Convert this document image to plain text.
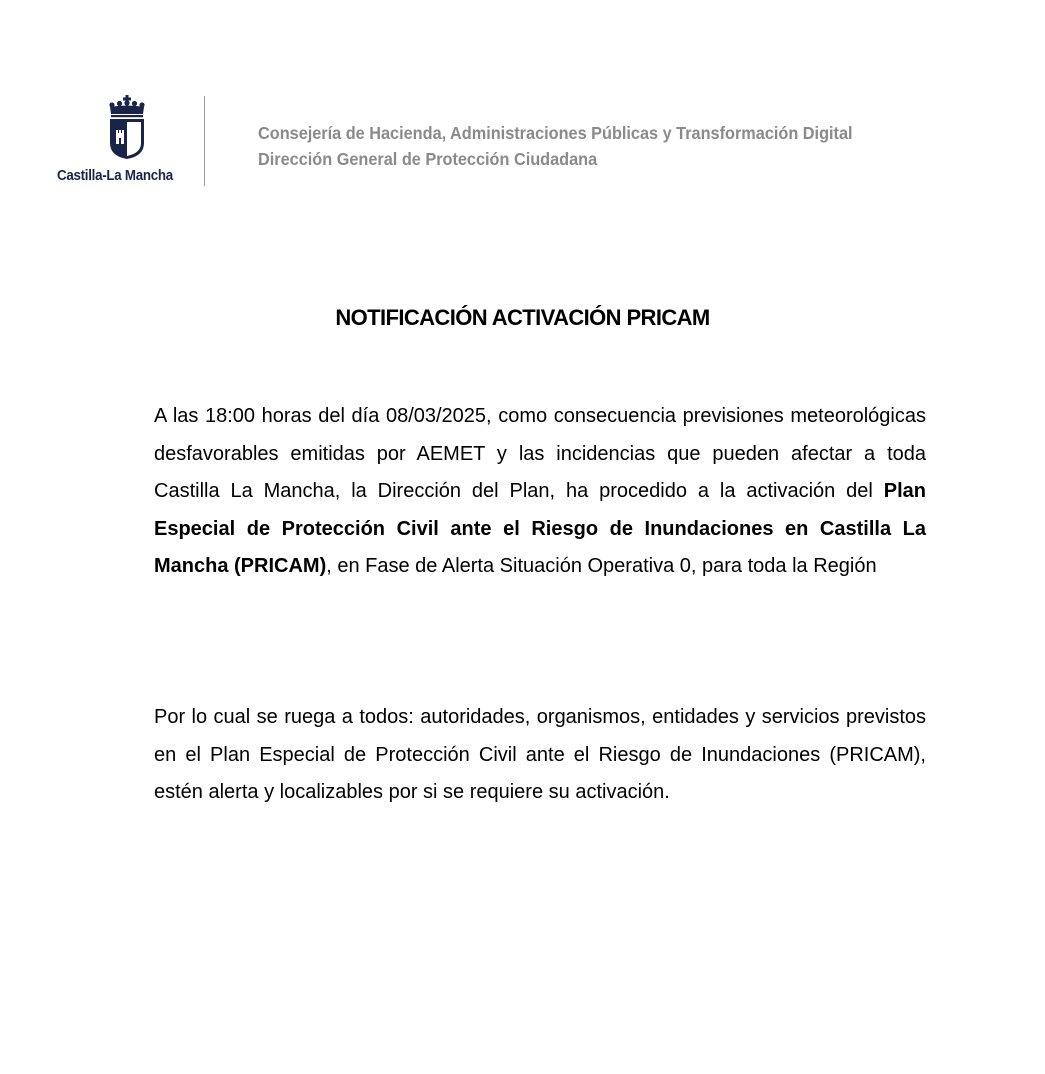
Castilla-La Mancha
Consejería de Hacienda, Administraciones Públicas y Transformación Digital
Dirección General de Protección Ciudadana
NOTIFICACIÓN ACTIVACIÓN PRICAM
A las 18:00 horas del día 08/03/2025, como consecuencia previsiones meteorológicas desfavorables emitidas por AEMET y las incidencias que pueden afectar a toda Castilla La Mancha, la Dirección del Plan, ha procedido a la activación del Plan Especial de Protección Civil ante el Riesgo de Inundaciones en Castilla La Mancha (PRICAM), en Fase de Alerta Situación Operativa 0, para toda la Región
Por lo cual se ruega a todos: autoridades, organismos, entidades y servicios previstos en el Plan Especial de Protección Civil ante el Riesgo de Inundaciones (PRICAM), estén alerta y localizables por si se requiere su activación.
